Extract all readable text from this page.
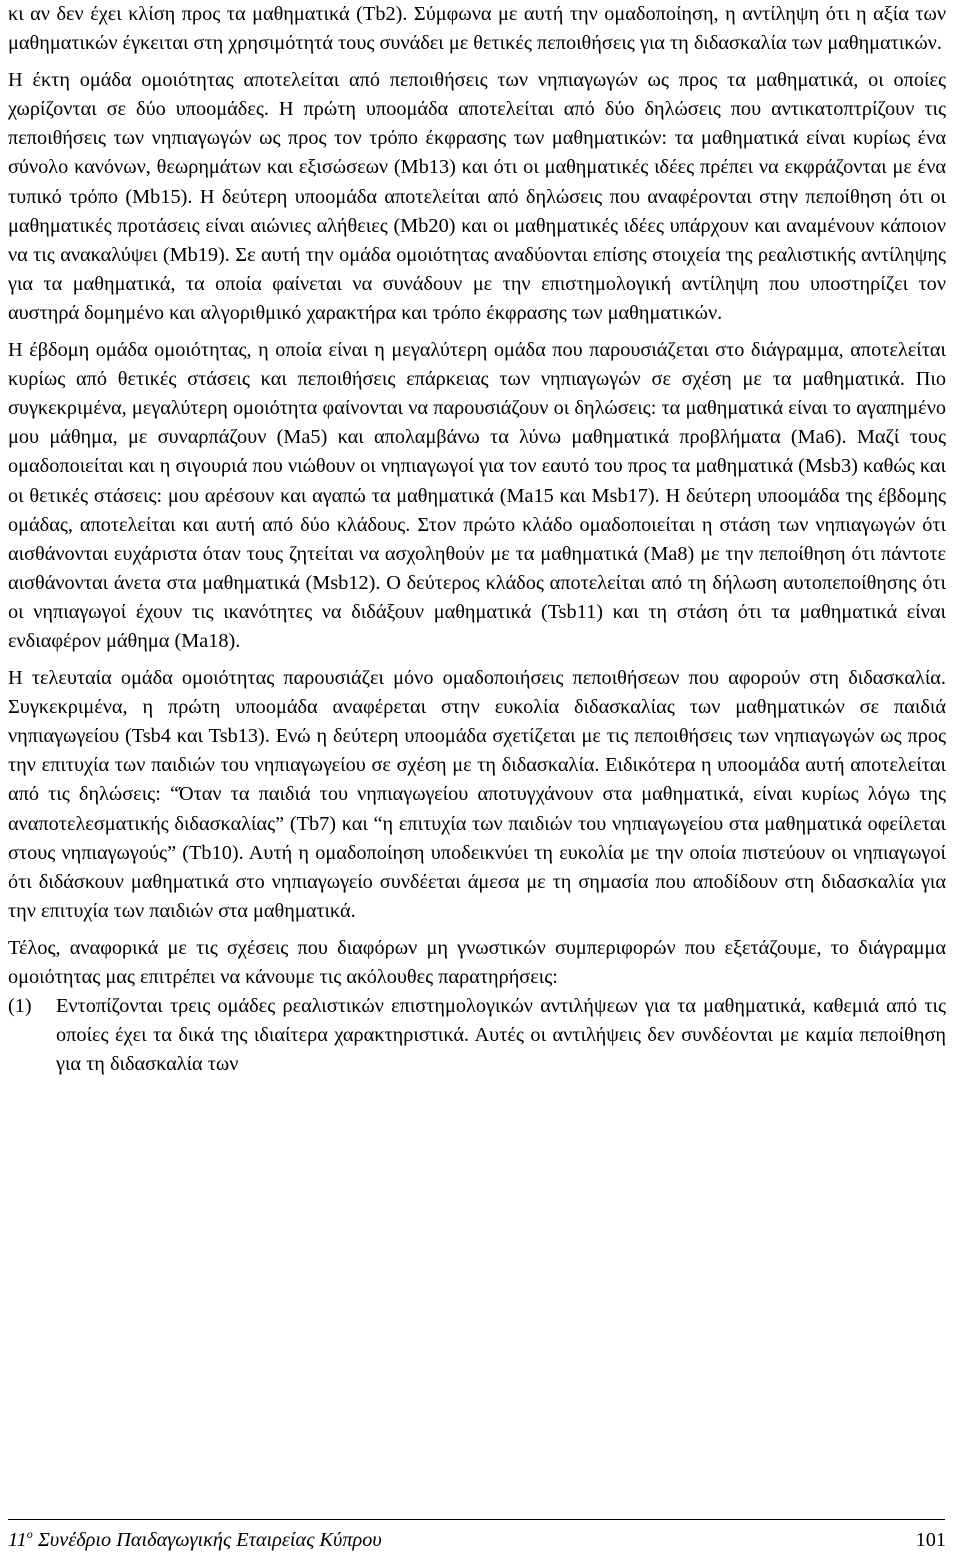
κι αν δεν έχει κλίση προς τα μαθηματικά (Tb2). Σύμφωνα με αυτή την ομαδοποίηση, η αντίληψη ότι η αξία των μαθηματικών έγκειται στη χρησιμότητά τους συνάδει με θετικές πεποιθήσεις για τη διδασκαλία των μαθηματικών.

Η έκτη ομάδα ομοιότητας αποτελείται από πεποιθήσεις των νηπιαγωγών ως προς τα μαθηματικά, οι οποίες χωρίζονται σε δύο υποομάδες. Η πρώτη υποομάδα αποτελείται από δύο δηλώσεις που αντικατοπτρίζουν τις πεποιθήσεις των νηπιαγωγών ως προς τον τρόπο έκφρασης των μαθηματικών: τα μαθηματικά είναι κυρίως ένα σύνολο κανόνων, θεωρημάτων και εξισώσεων (Mb13) και ότι οι μαθηματικές ιδέες πρέπει να εκφράζονται με ένα τυπικό τρόπο (Mb15). Η δεύτερη υποομάδα αποτελείται από δηλώσεις που αναφέρονται στην πεποίθηση ότι οι μαθηματικές προτάσεις είναι αιώνιες αλήθειες (Mb20) και οι μαθηματικές ιδέες υπάρχουν και αναμένουν κάποιον να τις ανακαλύψει (Mb19). Σε αυτή την ομάδα ομοιότητας αναδύονται επίσης στοιχεία της ρεαλιστικής αντίληψης για τα μαθηματικά, τα οποία φαίνεται να συνάδουν με την επιστημολογική αντίληψη που υποστηρίζει τον αυστηρά δομημένο και αλγοριθμικό χαρακτήρα και τρόπο έκφρασης των μαθηματικών.

Η έβδομη ομάδα ομοιότητας, η οποία είναι η μεγαλύτερη ομάδα που παρουσιάζεται στο διάγραμμα, αποτελείται κυρίως από θετικές στάσεις και πεποιθήσεις επάρκειας των νηπιαγωγών σε σχέση με τα μαθηματικά. Πιο συγκεκριμένα, μεγαλύτερη ομοιότητα φαίνονται να παρουσιάζουν οι δηλώσεις: τα μαθηματικά είναι το αγαπημένο μου μάθημα, με συναρπάζουν (Ma5) και απολαμβάνω τα λύνω μαθηματικά προβλήματα (Ma6). Μαζί τους ομαδοποιείται και η σιγουριά που νιώθουν οι νηπιαγωγοί για τον εαυτό του προς τα μαθηματικά (Msb3) καθώς και οι θετικές στάσεις: μου αρέσουν και αγαπώ τα μαθηματικά (Ma15 και Msb17). Η δεύτερη υποομάδα της έβδομης ομάδας, αποτελείται και αυτή από δύο κλάδους. Στον πρώτο κλάδο ομαδοποιείται η στάση των νηπιαγωγών ότι αισθάνονται ευχάριστα όταν τους ζητείται να ασχοληθούν με τα μαθηματικά (Ma8) με την πεποίθηση ότι πάντοτε αισθάνονται άνετα στα μαθηματικά (Msb12). Ο δεύτερος κλάδος αποτελείται από τη δήλωση αυτοπεποίθησης ότι οι νηπιαγωγοί έχουν τις ικανότητες να διδάξουν μαθηματικά (Tsb11) και τη στάση ότι τα μαθηματικά είναι ενδιαφέρον μάθημα (Ma18).

Η τελευταία ομάδα ομοιότητας παρουσιάζει μόνο ομαδοποιήσεις πεποιθήσεων που αφορούν στη διδασκαλία. Συγκεκριμένα, η πρώτη υποομάδα αναφέρεται στην ευκολία διδασκαλίας των μαθηματικών σε παιδιά νηπιαγωγείου (Tsb4 και Tsb13). Ενώ η δεύτερη υποομάδα σχετίζεται με τις πεποιθήσεις των νηπιαγωγών ως προς την επιτυχία των παιδιών του νηπιαγωγείου σε σχέση με τη διδασκαλία. Ειδικότερα η υποομάδα αυτή αποτελείται από τις δηλώσεις: “Όταν τα παιδιά του νηπιαγωγείου αποτυγχάνουν στα μαθηματικά, είναι κυρίως λόγω της αναποτελεσματικής διδασκαλίας” (Tb7) και “η επιτυχία των παιδιών του νηπιαγωγείου στα μαθηματικά οφείλεται στους νηπιαγωγούς” (Tb10). Αυτή η ομαδοποίηση υποδεικνύει τη ευκολία με την οποία πιστεύουν οι νηπιαγωγοί ότι διδάσκουν μαθηματικά στο νηπιαγωγείο συνδέεται άμεσα με τη σημασία που αποδίδουν στη διδασκαλία για την επιτυχία των παιδιών στα μαθηματικά.

Τέλος, αναφορικά με τις σχέσεις που διαφόρων μη γνωστικών συμπεριφορών που εξετάζουμε, το διάγραμμα ομοιότητας μας επιτρέπει να κάνουμε τις ακόλουθες παρατηρήσεις:

(1)	Εντοπίζονται τρεις ομάδες ρεαλιστικών επιστημολογικών αντιλήψεων για τα μαθηματικά, καθεμιά από τις οποίες έχει τα δικά της ιδιαίτερα χαρακτηριστικά. Αυτές οι αντιλήψεις δεν συνδέονται με καμία πεποίθηση για τη διδασκαλία των
$11^o$ Συνέδριο Παιδαγωγικής Εταιρείας Κύπρου	101
